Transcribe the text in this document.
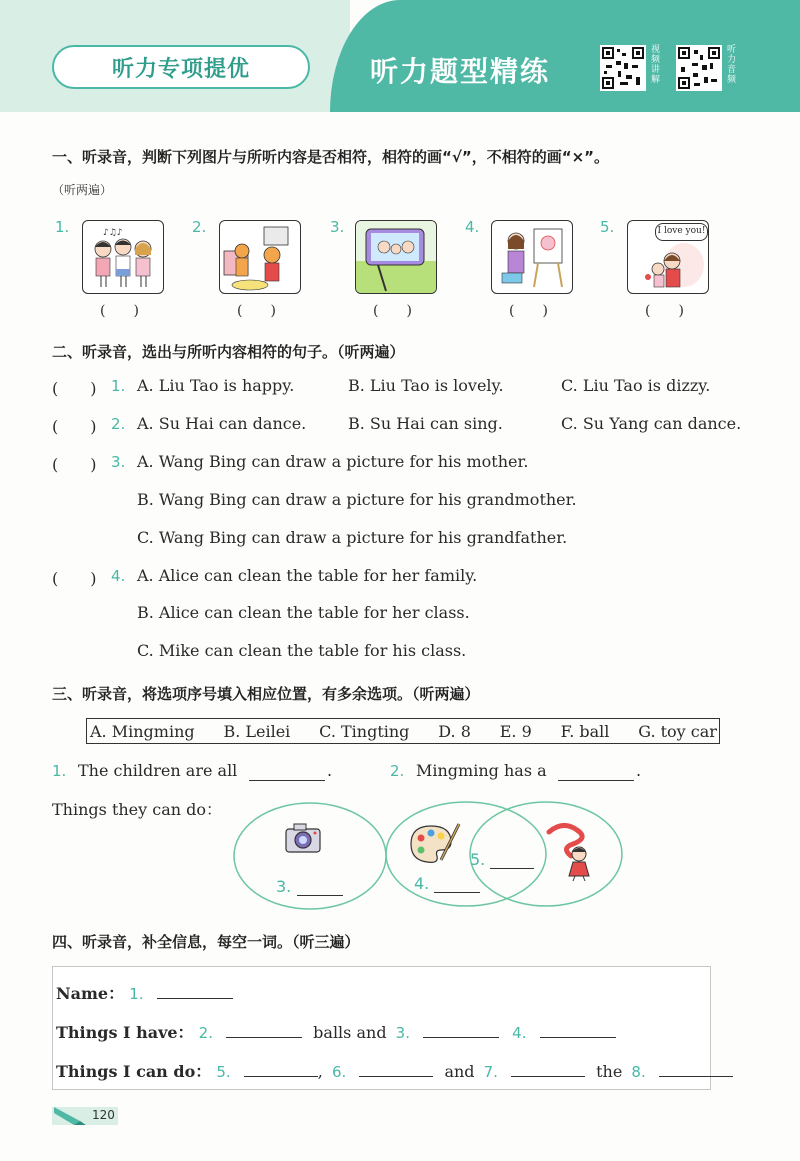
听力专项提优	听力题型精练
视频讲解
听力音频
一、听录音，判断下列图片与所听内容是否相符，相符的画“√”，不相符的画“×”。
（听两遍）
1.	♪♫♪
(　　)
2.
(　　)
3.
(　　)
4.
(　　)
5.	I love you!
(　　)
二、听录音，选出与所听内容相符的句子。（听两遍）
(　　) 1. A. Liu Tao is happy.	B. Liu Tao is lovely.	C. Liu Tao is dizzy.
(　　) 2. A. Su Hai can dance.	B. Su Hai can sing.	C. Su Yang can dance.
(　　) 3. A. Wang Bing can draw a picture for his mother.
B. Wang Bing can draw a picture for his grandmother.
C. Wang Bing can draw a picture for his grandfather.
(　　) 4. A. Alice can clean the table for her family.
B. Alice can clean the table for her class.
C. Mike can clean the table for his class.
三、听录音，将选项序号填入相应位置，有多余选项。（听两遍）
A. Mingming B. Leilei C. Tingting D. 8 E. 9 F. ball G. toy car
1. The children are all	.	2. Mingming has a	.
Things they can do：
3.	4.
5.
四、听录音，补全信息，每空一词。（听三遍）
Name： 1.
Things I have： 2.	balls and 3.	4.
Things I can do： 5.	, 6.	and 7.	the 8.
120
